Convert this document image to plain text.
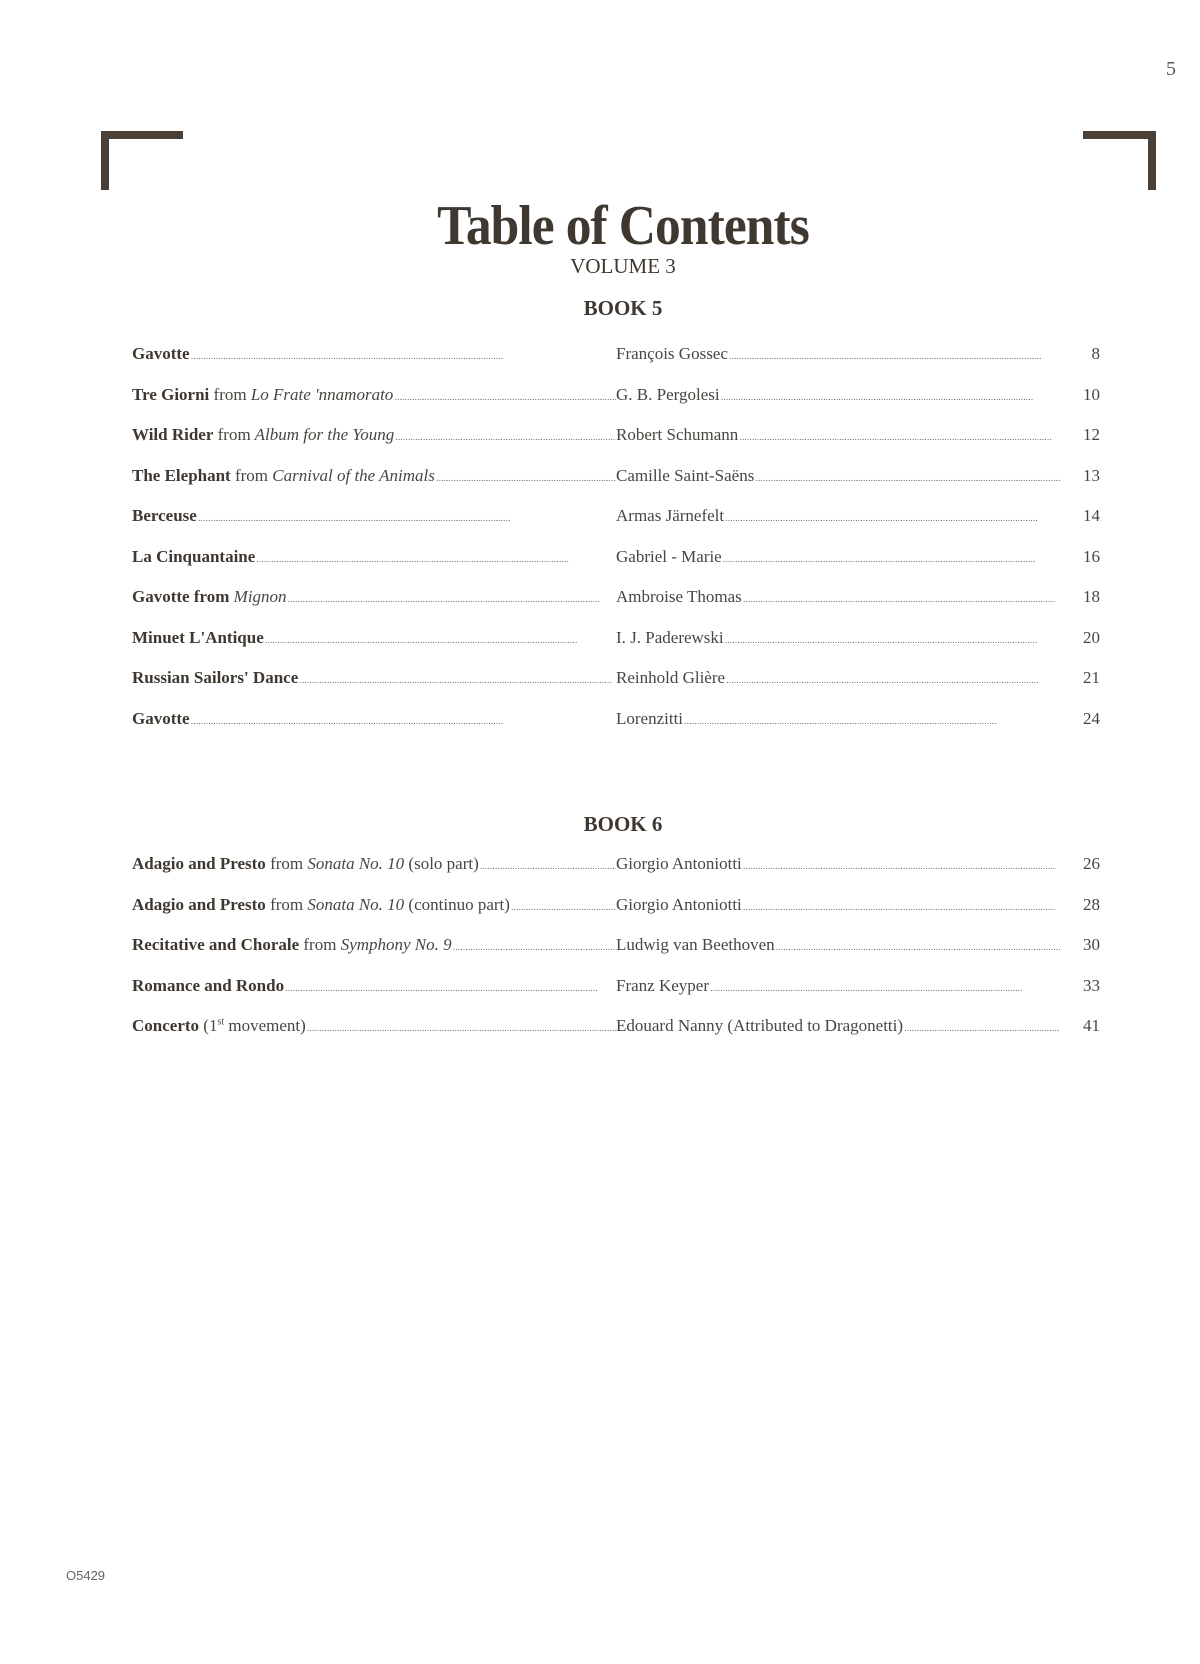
5
Table of Contents
VOLUME 3
BOOK 5
Gavotte . . .	François Gossec . . .	8
Tre Giorni from Lo Frate 'nnamorato . . .	G. B. Pergolesi . . .	10
Wild Rider from Album for the Young . . .	Robert Schumann . . .	12
The Elephant from Carnival of the Animals . . .	Camille Saint-Saëns . . .	13
Berceuse . . .	Armas Järnefelt . . .	14
La Cinquantaine . . .	Gabriel - Marie . . .	16
Gavotte from Mignon . . .	Ambroise Thomas . . .	18
Minuet L'Antique . . .	I. J. Paderewski . . .	20
Russian Sailors' Dance . . .	Reinhold Glière . . .	21
Gavotte . . .	Lorenzitti . . .	24
BOOK 6
Adagio and Presto from Sonata No. 10 (solo part) . . .	Giorgio Antoniotti . . .	26
Adagio and Presto from Sonata No. 10 (continuo part) . . .	Giorgio Antoniotti . . .	28
Recitative and Chorale from Symphony No. 9 . . .	Ludwig van Beethoven . . .	30
Romance and Rondo . . .	Franz Keyper . . .	33
Concerto (1st movement) . . .	Edouard Nanny (Attributed to Dragonetti) . . .	41
O5429
